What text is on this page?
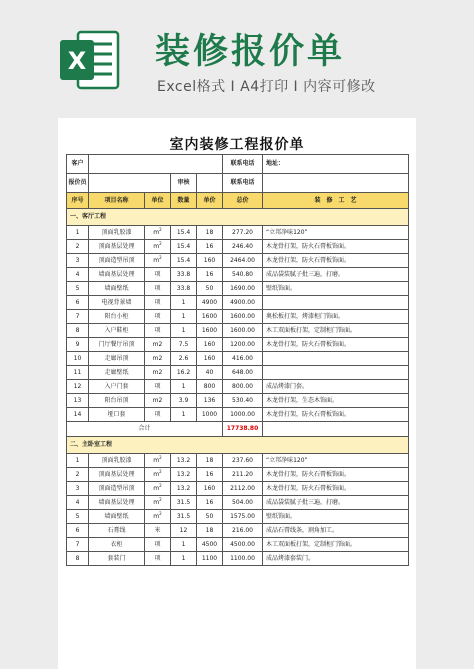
X 装修报价单
Excel格式 I A4打印 I 内容可修改
室内装修工程报价单
客户					联系电话	地址：
报价员			审核		联系电话	
序号	项目名称	单位	数量	单价	总价	装　修　工　艺
一、客厅工程						
1	顶面乳胶漆	$m^2$	15.4	18	277.20	“立邦净味120”
2	顶面基层处理	$m^2$	15.4	16	246.40	木龙骨打架，防火石膏板饰面。
3	顶面造型吊顶	$m^2$	15.4	160	2464.00	木龙骨打架，防火石膏板饰面。
4	墙面基层处理	项	33.8	16	540.80	成品袋装腻子批三遍，打磨。
5	墙面壁纸	项	33.8	50	1690.00	壁纸饰面。
6	电视背景墙	项	1	4900	4900.00	
7	阳台小柜	项	1	1600	1600.00	奥松板打架，烤漆柜门饰面。
8	入户鞋柜	项	1	1600	1600.00	木工双面板打架，定制柜门饰面。
9	门厅餐厅吊顶	m2	7.5	160	1200.00	木龙骨打架，防火石膏板饰面。
10	走廊吊顶	m2	2.6	160	416.00	
11	走廊壁纸	m2	16.2	40	648.00	
12	入户门套	项	1	800	800.00	成品烤漆门套。
13	阳台吊顶	m2	3.9	136	530.40	木龙骨打架，生态木饰面。
14	垭口套	项	1	1000	1000.00	木龙骨打架，防火石膏板饰面。
合计					17738.80	
二、主卧室工程						
1	顶面乳胶漆	$m^2$	13.2	18	237.60	“立邦净味120”
2	顶面基层处理	$m^2$	13.2	16	211.20	木龙骨打架，防火石膏板饰面。
3	顶面造型吊顶	$m^2$	13.2	160	2112.00	木龙骨打架，防火石膏板饰面。
4	墙面基层处理	$m^2$	31.5	16	504.00	成品袋装腻子批三遍，打磨。
5	墙面壁纸	$m^2$	31.5	50	1575.00	壁纸饰面。
6	石膏线	米	12	18	216.00	成品石膏线条，割角加工。
7	衣柜	项	1	4500	4500.00	木工双面板打架，定制柜门饰面。
8	套装门	项	1	1100	1100.00	成品烤漆套装门。
